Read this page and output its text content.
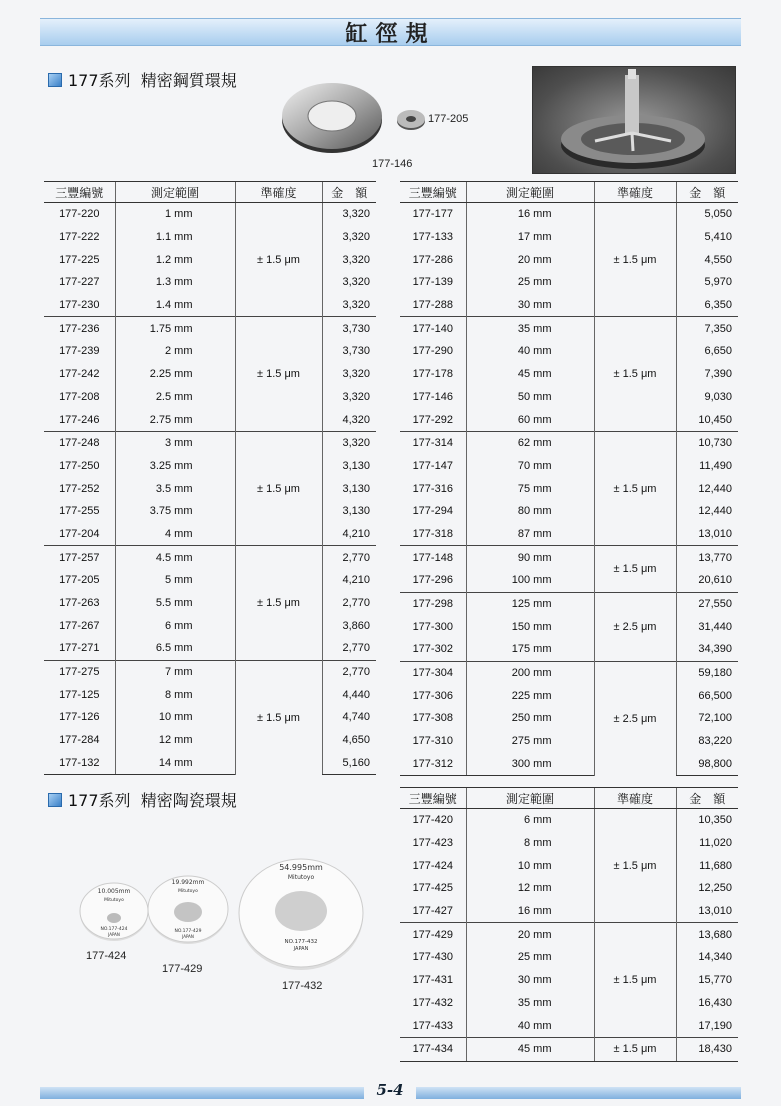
缸徑規
177系列  精密鋼質環規
177-205
177-146
三豐編號	測定範圍	準確度	金　額
177-220	1 mm	± 1.5 μm	3,320
177-222	1.1 mm		3,320
177-225	1.2 mm		3,320
177-227	1.3 mm		3,320
177-230	1.4 mm		3,320
177-236	1.75 mm	± 1.5 μm	3,730
177-239	2 mm		3,730
177-242	2.25 mm		3,320
177-208	2.5 mm		3,320
177-246	2.75 mm		4,320
177-248	3 mm	± 1.5 μm	3,320
177-250	3.25 mm		3,130
177-252	3.5 mm		3,130
177-255	3.75 mm		3,130
177-204	4 mm		4,210
177-257	4.5 mm	± 1.5 μm	2,770
177-205	5 mm		4,210
177-263	5.5 mm		2,770
177-267	6 mm		3,860
177-271	6.5 mm		2,770
177-275	7 mm	± 1.5 μm	2,770
177-125	8 mm		4,440
177-126	10 mm		4,740
177-284	12 mm		4,650
177-132	14 mm		5,160
三豐編號	測定範圍	準確度	金　額
177-177	16 mm	± 1.5 μm	5,050
177-133	17 mm		5,410
177-286	20 mm		4,550
177-139	25 mm		5,970
177-288	30 mm		6,350
177-140	35 mm	± 1.5 μm	7,350
177-290	40 mm		6,650
177-178	45 mm		7,390
177-146	50 mm		9,030
177-292	60 mm		10,450
177-314	62 mm	± 1.5 μm	10,730
177-147	70 mm		11,490
177-316	75 mm		12,440
177-294	80 mm		12,440
177-318	87 mm		13,010
177-148	90 mm	± 1.5 μm	13,770
177-296	100 mm		20,610
177-298	125 mm	± 2.5 μm	27,550
177-300	150 mm		31,440
177-302	175 mm		34,390
177-304	200 mm	± 2.5 μm	59,180
177-306	225 mm		66,500
177-308	250 mm		72,100
177-310	275 mm		83,220
177-312	300 mm		98,800
177系列  精密陶瓷環規
10.005mm
Mitutoyo
NO.177-424
JAPAN
19.992mm
Mitutoyo
NO.177-429
JAPAN
54.995mm
Mitutoyo
NO.177-432
JAPAN
177-424
177-429
177-432
三豐編號	測定範圍	準確度	金　額
177-420	6 mm	± 1.5 μm	10,350
177-423	8 mm		11,020
177-424	10 mm		11,680
177-425	12 mm		12,250
177-427	16 mm		13,010
177-429	20 mm	± 1.5 μm	13,680
177-430	25 mm		14,340
177-431	30 mm		15,770
177-432	35 mm		16,430
177-433	40 mm		17,190
177-434	45 mm	± 1.5 μm	18,430
5-4
